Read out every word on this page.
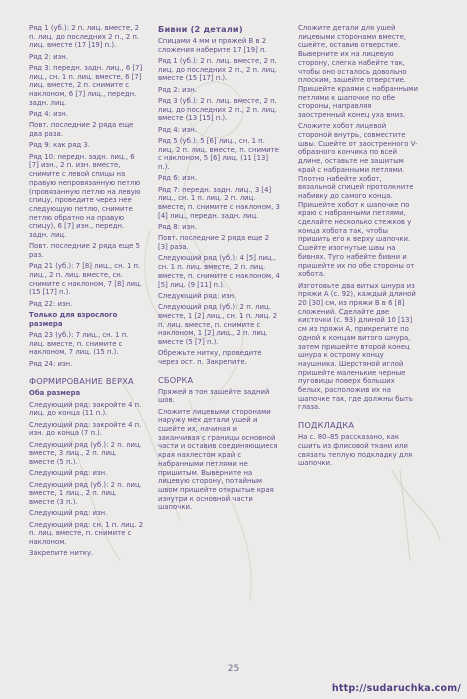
Ряд 1 (уб.): 2 п. лиц. вместе, 2 п. лиц. до последних 2 п., 2 п. лиц. вместе (17 [19] п.).

Ряд 2: изн.

Ряд 3: передн. задн. лиц., 6 [7] лиц., сн. 1 п. лиц. вместе, 6 [7] лиц. вместе, 2 п. снимите с наклоном, 6 [7] лиц., передн. задн. лиц.

Ряд 4: изн.

Повт. последние 2 ряда еще два раза.

Ряд 9: как ряд 3.

Ряд 10: передн. задн. лиц., 6 [7] изн., 2 п. изн. вместе, снимите с левой спицы на правую непровязанную петлю (провязанную петлю на левую спицу, проведите через нее следующую петлю, снимите петлю обратно на правую спицу), 6 [7] изн., передн. задн. лиц.

Повт. последние 2 ряда еще 5 раз.

Ряд 21 (уб.): 7 [8] лиц., сн. 1 п. лиц., 2 п. лиц. вместе, сн. снимите с наклоном, 7 [8] лиц. (15 [17] п.).

Ряд 22: изн.

Только для взрослого размера

Ряд 23 (уб.): 7 лиц., сн. 1 п. лиц. вместе, п. снимите с наклоном, 7 лиц. (15 п.).

Ряд 24: изн.

ФОРМИРОВАНИЕ ВЕРХА

Оба размера

Следующий ряд: закройте 4 п. лиц. до конца (11 п.).

Следующий ряд: закройте 4 п. изн. до конца (7 п.).

Следующий ряд (уб.): 2 п. лиц. вместе, 3 лиц., 2 п. лиц. вместе (5 п.).

Следующий ряд: изн.

Следующий ряд (уб.): 2 п. лиц. вместе, 1 лиц., 2 п. лиц. вместе (3 п.).

Следующий ряд: изн.

Следующий ряд: сн. 1 п. лиц. 2 п. лиц. вместе, п. снимите с наклоном.

Закрепите нитку.

Бивни (2 детали)

Спицами 4 мм и пряжей B в 2 сложения наберите 17 [19] п.

Ряд 1 (уб.): 2 п. лиц. вместе, 2 п. лиц. до последних 2 п., 2 п. лиц. вместе (15 [17] п.).

Ряд 2: изн.

Ряд 3 (уб.): 2 п. лиц. вместе, 2 п. лиц. до последних 2 п., 2 п. лиц. вместе (13 [15] п.).

Ряд 4: изн.

Ряд 5 (уб.): 5 [6] лиц., сн. 1 п. лиц. 2 п. лиц. вместе, п. снимите с наклоном, 5 [6] лиц. (11 [13] п.).

Ряд 6: изн.

Ряд 7: передн. задн. лиц., 3 [4] лиц., сн. 1 п. лиц. 2 п. лиц. вместе, п. снимите с наклоном, 3 [4] лиц., передн. задн. лиц.

Ряд 8: изн.

Повт. последние 2 ряда еще 2 [3] раза.

Следующий ряд (уб.): 4 [5] лиц., сн. 1 п. лиц. вместе, 2 п. лиц. вместе, п. снимите с наклоном, 4 [5] лиц. (9 [11] п.).

Следующий ряд: изн.

Следующий ряд (уб.): 2 п. лиц. вместе, 1 [2] лиц., сн. 1 п. лиц. 2 п. лиц. вместе, п. снимите с наклоном, 1 [2] лиц., 2 п. лиц. вместе (5 [7] п.).

Обрежьте нитку, проведите через ост. п. Закрепите.

СБОРКА

Пряжей в тон зашейте задний шов.

Сложите лицевыми сторонами наружу мех детали ушей и сшейте их, начиная и заканчивая с границы основной части и оставив соединяющиеся края нахлестом край с набранными петлями не пришитым. Выверните на лицевую сторону, потайным швом пришейте открытые края изнутри к основной части шапочки.

Сложите детали для ушей лицевыми сторонами вместе, сшейте, оставив отверстие. Выверните их на лицевую сторону, слегка набейте так, чтобы оно осталось довольно плоским, зашейте отверстие. Пришейте краями с набранными петлями к шапочке по обе стороны, направляя заостренный конец уха вниз.

Сложите хобот лицевой стороной внутрь, совместите швы. Сшейте от заостренного V-образного кончика по всей длине, оставьте не зашитым край с набранными петлями. Плотно набейте хобот, вязальной спицей протолкните набивку до самого конца. Пришейте хобот к шапочке по краю с набранными петлями, сделайте несколько стежков у конца хобота так, чтобы пришить его к верху шапочки. Сшейте изогнутые швы на бивнях. Туго набейте бивни и пришейте их по обе стороны от хобота.

Изготовьте два витых шнура из пряжи A (с. 92), каждый длиной 20 [30] см, из пряжи B в 6 [8] сложений. Сделайте две кисточки (с. 93) длиной 10 [13] см из пряжи A, прикрепите по одной к концам витого шнура, затем пришейте второй конец шнура к острому концу наушника. Шерстяной иглой пришейте маленькие черные пуговицы поверх больших белых, расположив их на шапочке так, где должны быть глаза.

ПОДКЛАДКА

На с. 80–85 рассказано, как сшить из флисовой ткани или связать теплую подкладку для шапочки.

25
http://sudaruchka.com/
